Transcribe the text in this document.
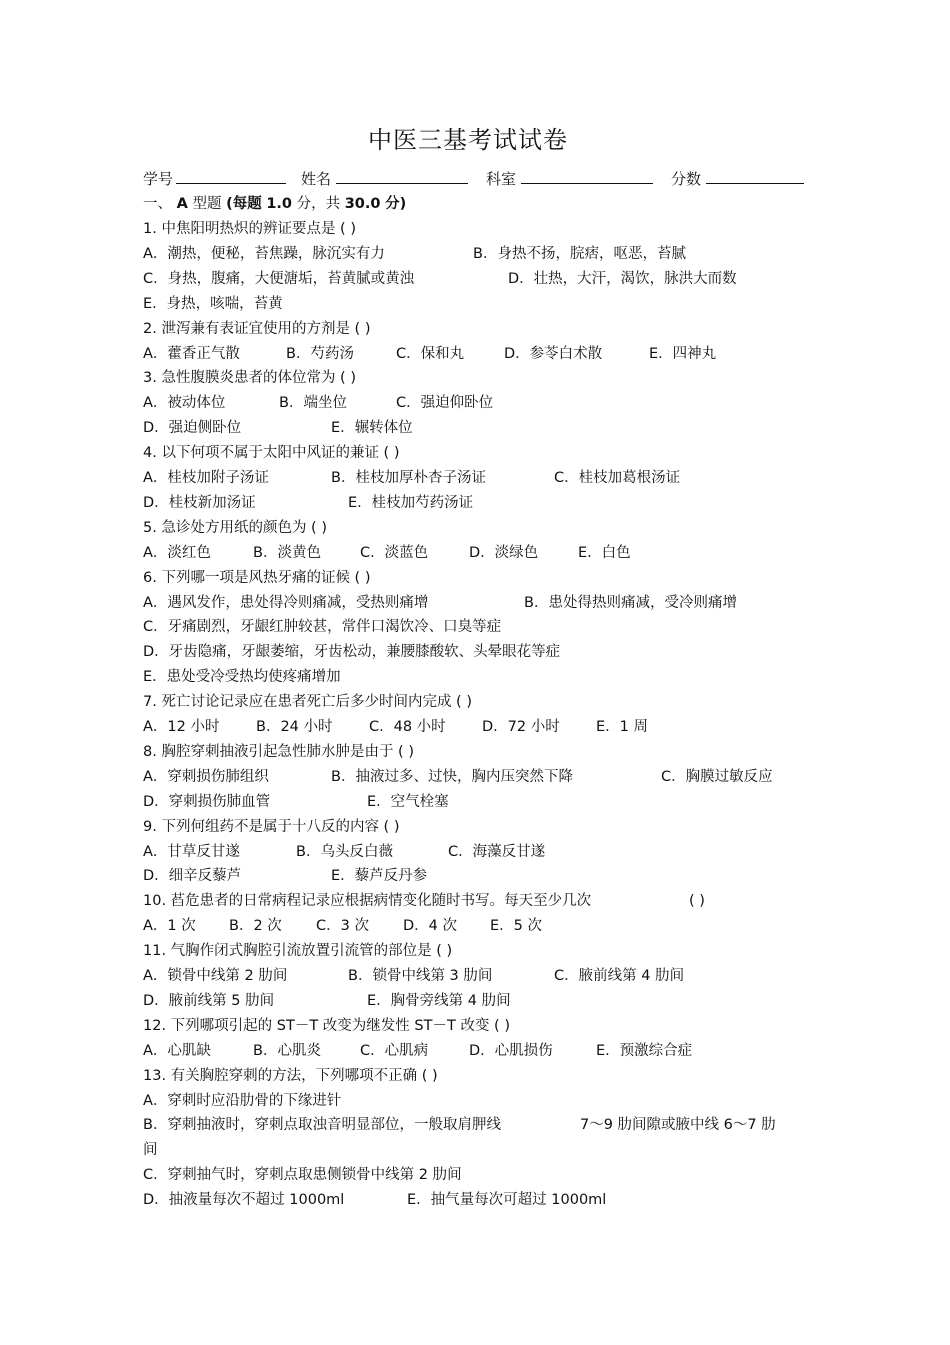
中医三基考试试卷
学号	姓名	科室	分数
一、 A 型题 (每题 1.0 分，共 30.0 分)
1. 中焦阳明热炽的辨证要点是 ( )
A．潮热，便秘，苔焦躁，脉沉实有力	B．身热不扬，脘痞，呕恶，苔腻
C．身热，腹痛，大便溏垢，苔黄腻或黄浊	D．壮热，大汗，渴饮，脉洪大而数
E．身热，咳喘，苔黄
2. 泄泻兼有表证宜使用的方剂是 ( )
A．藿香正气散	B．芍药汤	C．保和丸	D．参苓白术散	E．四神丸
3. 急性腹膜炎患者的体位常为 ( )
A．被动体位	B．端坐位	C．强迫仰卧位
D．强迫侧卧位	E．辗转体位
4. 以下何项不属于太阳中风证的兼证 ( )
A．桂枝加附子汤证	B．桂枝加厚朴杏子汤证	C．桂枝加葛根汤证
D．桂枝新加汤证	E．桂枝加芍药汤证
5. 急诊处方用纸的颜色为 ( )
A．淡红色	B．淡黄色	C．淡蓝色	D．淡绿色	E．白色
6. 下列哪一项是风热牙痛的证候 ( )
A．遇风发作，患处得冷则痛减，受热则痛增	B．患处得热则痛减，受冷则痛增
C．牙痛剧烈，牙龈红肿较甚，常伴口渴饮冷、口臭等症
D．牙齿隐痛，牙龈萎缩，牙齿松动，兼腰膝酸软、头晕眼花等症
E．患处受冷受热均使疼痛增加
7. 死亡讨论记录应在患者死亡后多少时间内完成 ( )
A．12 小时	B．24 小时	C．48 小时	D．72 小时	E．1 周
8. 胸腔穿刺抽液引起急性肺水肿是由于 ( )
A．穿刺损伤肺组织	B．抽液过多、过快，胸内压突然下降	C．胸膜过敏反应
D．穿刺损伤肺血管	E．空气栓塞
9. 下列何组药不是属于十八反的内容 ( )
A．甘草反甘遂	B．乌头反白薇	C．海藻反甘遂
D．细辛反藜芦	E．藜芦反丹参
10. 萏危患者的日常病程记录应根据病情变化随时书写。每天至少几次	( )
A．1 次 B．2 次 C．3 次 D．4 次 E．5 次
11. 气胸作闭式胸腔引流放置引流管的部位是 ( )
A．锁骨中线第 2 肋间	B．锁骨中线第 3 肋间	C．腋前线第 4 肋间
D．腋前线第 5 肋间	E．胸骨旁线第 4 肋间
12. 下列哪项引起的 ST－T 改变为继发性 ST－T 改变 ( )
A．心肌缺	B．心肌炎	C．心肌病	D．心肌损伤	E．预激综合症
13. 有关胸腔穿刺的方法，下列哪项不正确 ( )
A．穿刺时应沿肋骨的下缘进针
B．穿刺抽液时，穿刺点取浊音明显部位，一般取肩胛线	7～9 肋间隙或腋中线 6～7 肋
间
C．穿刺抽气时，穿刺点取患侧锁骨中线第 2 肋间
D．抽液量每次不超过 1000ml	E．抽气量每次可超过 1000ml
